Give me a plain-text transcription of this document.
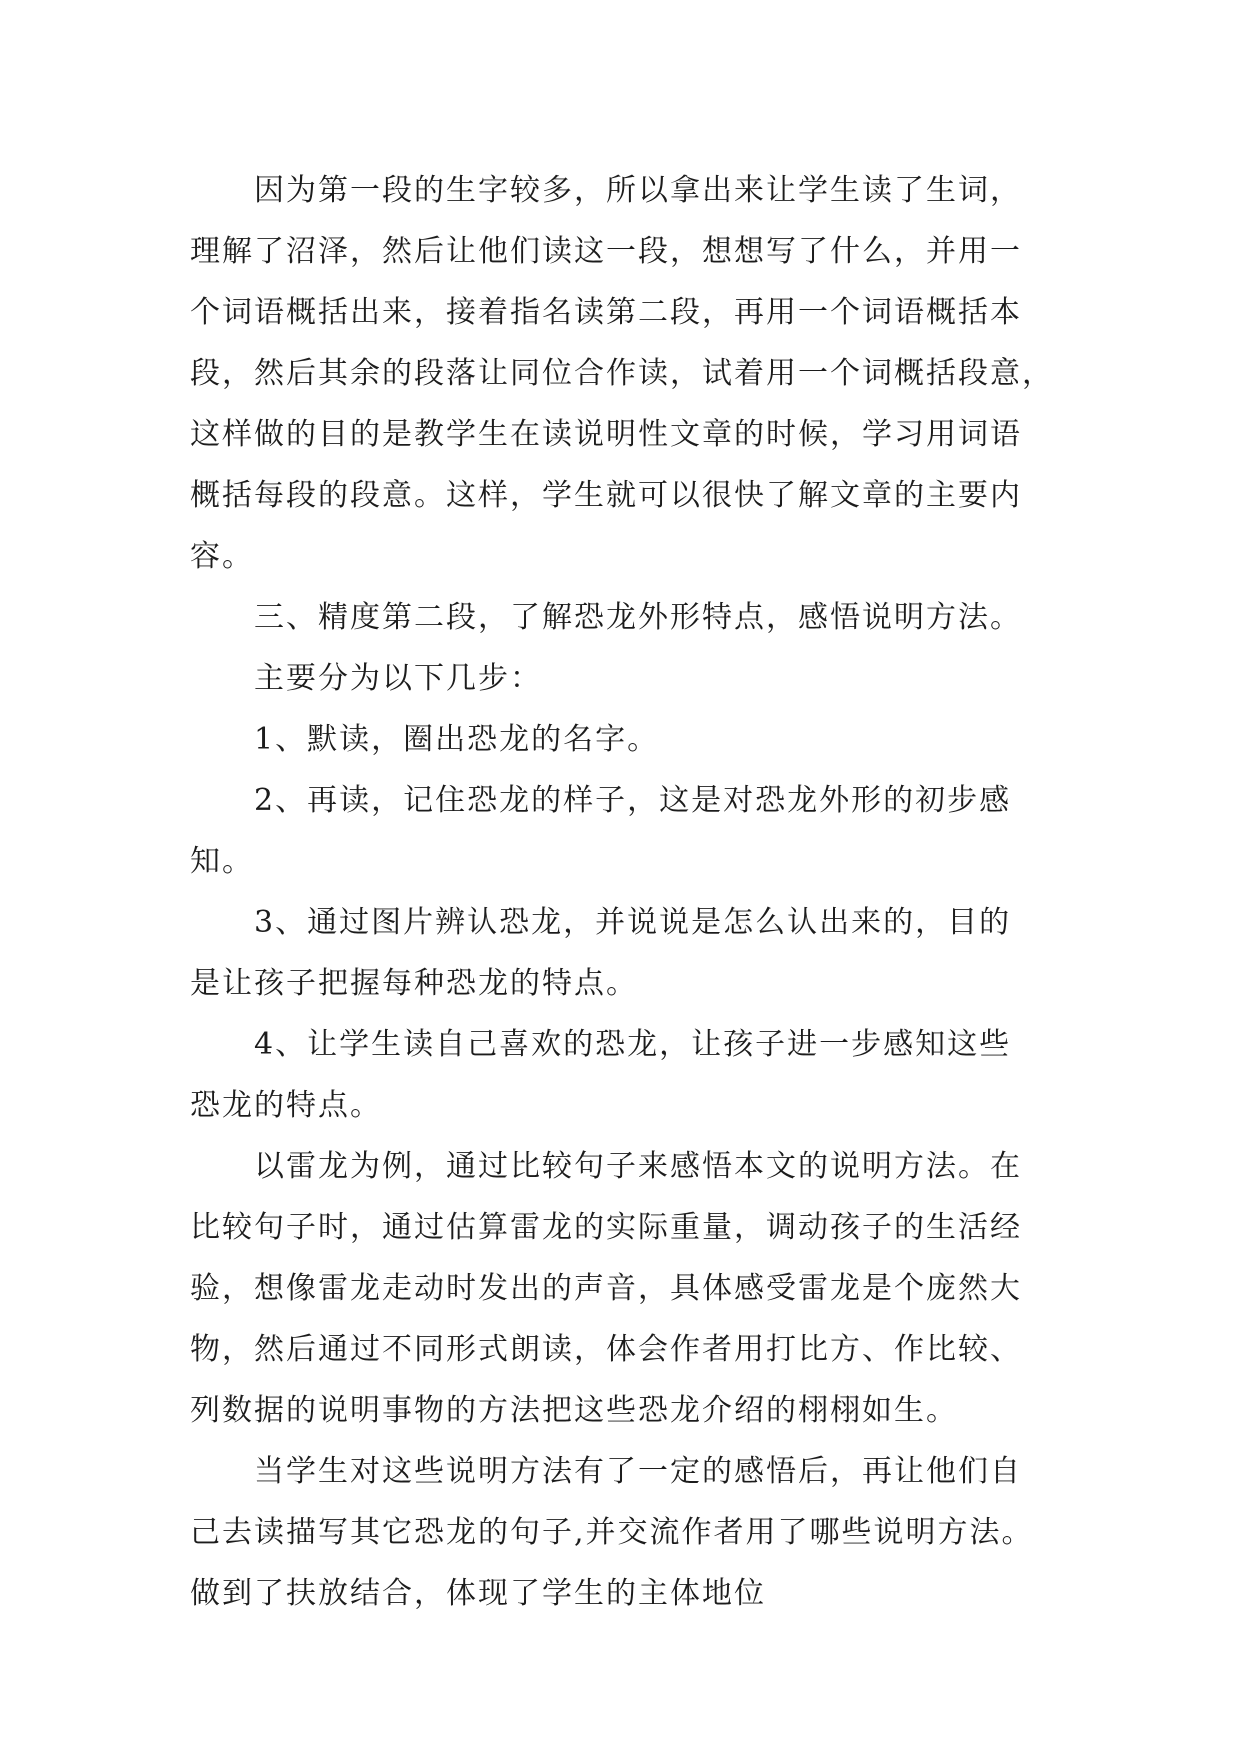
因为第一段的生字较多，所以拿出来让学生读了生词，
理解了沼泽，然后让他们读这一段，想想写了什么，并用一
个词语概括出来，接着指名读第二段，再用一个词语概括本
段，然后其余的段落让同位合作读，试着用一个词概括段意，
这样做的目的是教学生在读说明性文章的时候，学习用词语
概括每段的段意。这样，学生就可以很快了解文章的主要内
容。
三、精度第二段，了解恐龙外形特点，感悟说明方法。
主要分为以下几步：
1、默读，圈出恐龙的名字。
2、再读，记住恐龙的样子，这是对恐龙外形的初步感
知。
3、通过图片辨认恐龙，并说说是怎么认出来的，目的
是让孩子把握每种恐龙的特点。
4、让学生读自己喜欢的恐龙，让孩子进一步感知这些
恐龙的特点。
以雷龙为例，通过比较句子来感悟本文的说明方法。在
比较句子时，通过估算雷龙的实际重量，调动孩子的生活经
验，想像雷龙走动时发出的声音，具体感受雷龙是个庞然大
物，然后通过不同形式朗读，体会作者用打比方、作比较、
列数据的说明事物的方法把这些恐龙介绍的栩栩如生。
当学生对这些说明方法有了一定的感悟后，再让他们自
己去读描写其它恐龙的句子,并交流作者用了哪些说明方法。
做到了扶放结合，体现了学生的主体地位
